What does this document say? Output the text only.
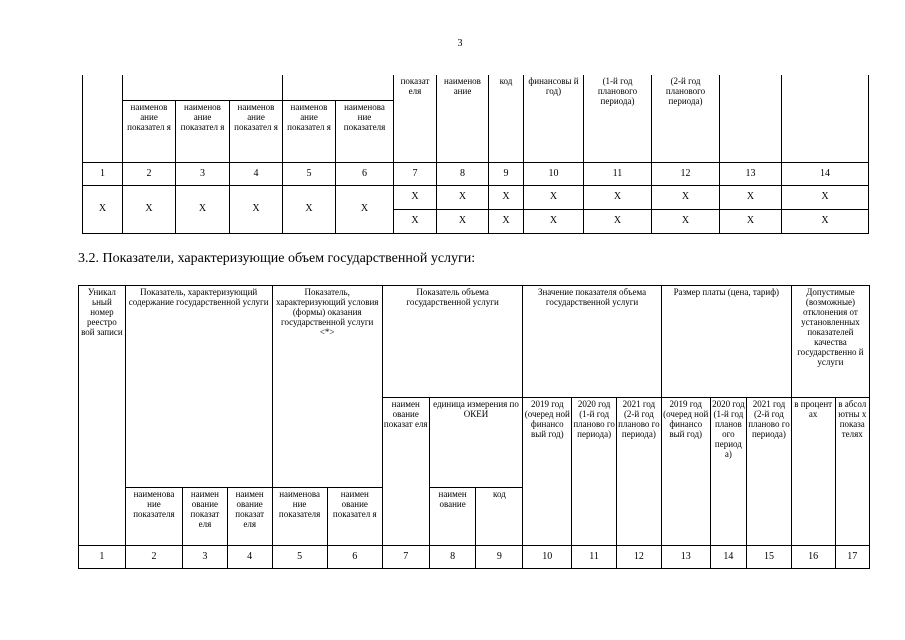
3
						показат еля	наименов ание	код	финансовы й год)	(1-й год планового периода)	(2-й год планового периода)		
	наименов ание показател я	наименов ание показател я	наименов ание показател я	наименов ание показател я	наименова ние показателя								
1	2	3	4	5	6	7	8	9	10	11	12	13	14
X	X	X	X	X	X	X	X	X	X	X	X	X	X
						X	X	X	X	X	X	X	X
3.2. Показатели, характеризующие объем государственной услуги:
Уникал ьный номер реестро вой записи	Показатель, характеризующий содержание государственной услуги			Показатель, характеризующий условия (формы) оказания государственной услуги <*>		Показатель объема государственной услуги			Значение показателя объема государственной услуги			Размер платы (цена, тариф)			Допустимые (возможные) отклонения от установленных показателей качества государственно й услуги	
						наимен ование показат еля	единица измерения по ОКЕИ		2019 год (очеред ной финансо вый год)	2020 год (1-й год планово го периода)	2021 год (2-й год планово го периода)	2019 год (очеред ной финансо вый год)	2020 год (1-й год планов ого период а)	2021 год (2-й год планово го периода)	в процент ах	в абсол ютны х показа телях
	наименова ние показателя	наимен ование показат еля	наимен ование показат еля	наименова ние показателя	наимен ование показател я		наимен ование	код								
1	2	3	4	5	6	7	8	9	10	11	12	13	14	15	16	17
